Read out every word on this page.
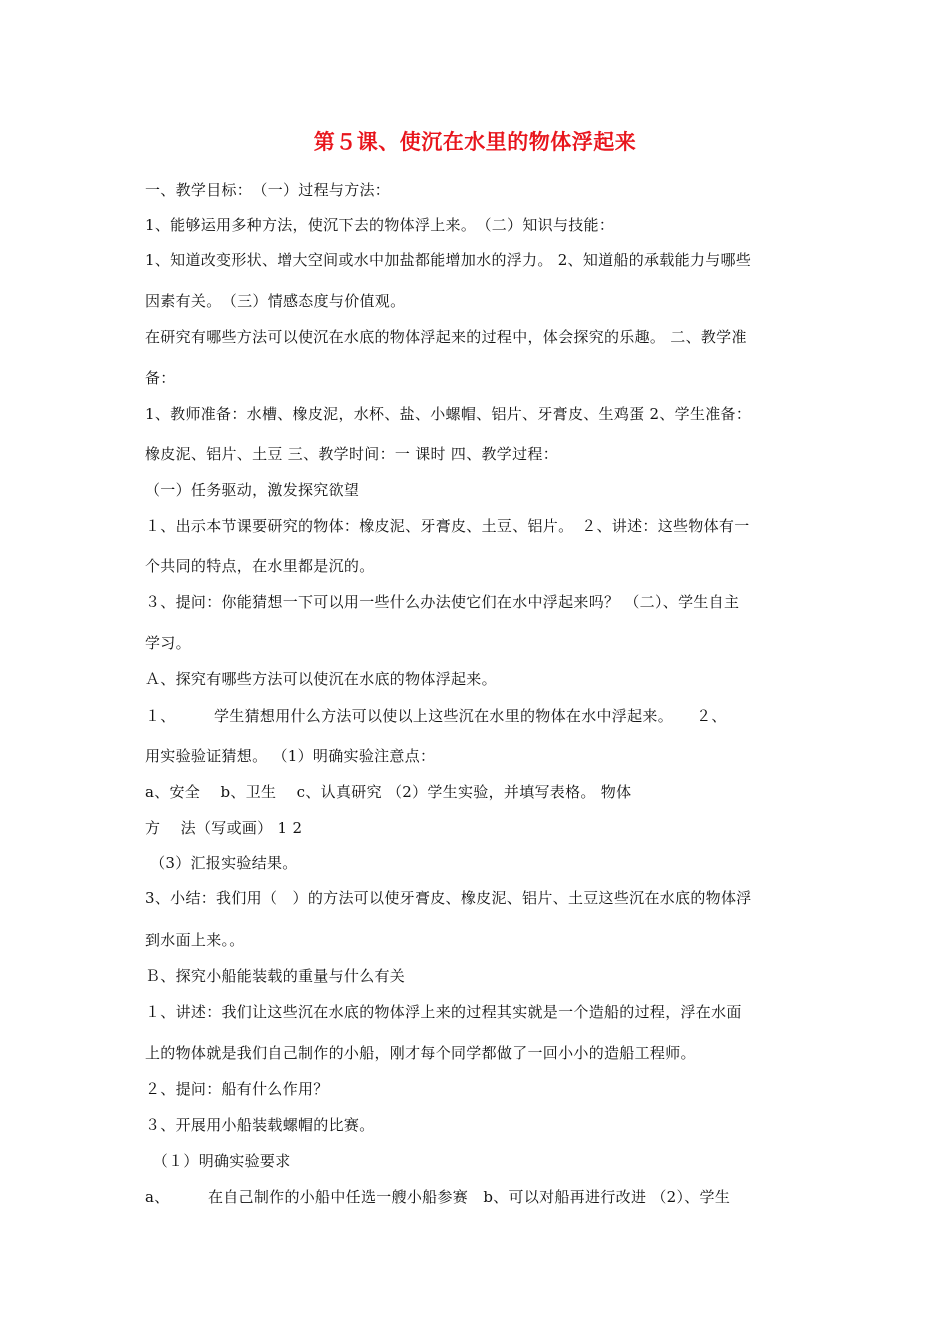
第５课、使沉在水里的物体浮起来
一、教学目标：　（一）过程与方法：
1、能够运用多种方法，使沉下去的物体浮上来。　（二）知识与技能：
1、知道改变形状、增大空间或水中加盐都能增加水的浮力。 2、知道船的承载能力与哪些
因素有关。　（三）情感态度与价值观。
在研究有哪些方法可以使沉在水底的物体浮起来的过程中，体会探究的乐趣。 二、教学准
备：
1、教师准备：水槽、橡皮泥，水杯、盐、小螺帽、铝片、牙膏皮、生鸡蛋 2、学生准备：
橡皮泥、铝片、土豆 三、教学时间：一 课时 四、教学过程：
（一）任务驱动，激发探究欲望
１、出示本节课要研究的物体：橡皮泥、牙膏皮、土豆、铝片。　２、讲述：这些物体有一
个共同的特点，在水里都是沉的。
３、提问：你能猜想一下可以用一些什么办法使它们在水中浮起来吗？ （二）、学生自主
学习。
Ａ、探究有哪些方法可以使沉在水底的物体浮起来。
１、　　　学生猜想用什么方法可以使以上这些沉在水里的物体在水中浮起来。　　２、
用实验验证猜想。 （1）明确实验注意点：
a、安全　 b、卫生　 c、认真研究 （2）学生实验，并填写表格。 物体
方　 法（写或画） 1 2
（3）汇报实验结果。
3、小结：我们用（　）的方法可以使牙膏皮、橡皮泥、铝片、土豆这些沉在水底的物体浮
到水面上来。。
Ｂ、探究小船能装载的重量与什么有关
１、讲述：我们让这些沉在水底的物体浮上来的过程其实就是一个造船的过程，浮在水面
上的物体就是我们自己制作的小船，刚才每个同学都做了一回小小的造船工程师。
２、提问：船有什么作用？
３、开展用小船装载螺帽的比赛。
　（１）明确实验要求
a、　　　在自己制作的小船中任选一艘小船参赛　b、可以对船再进行改进 （2）、学生
